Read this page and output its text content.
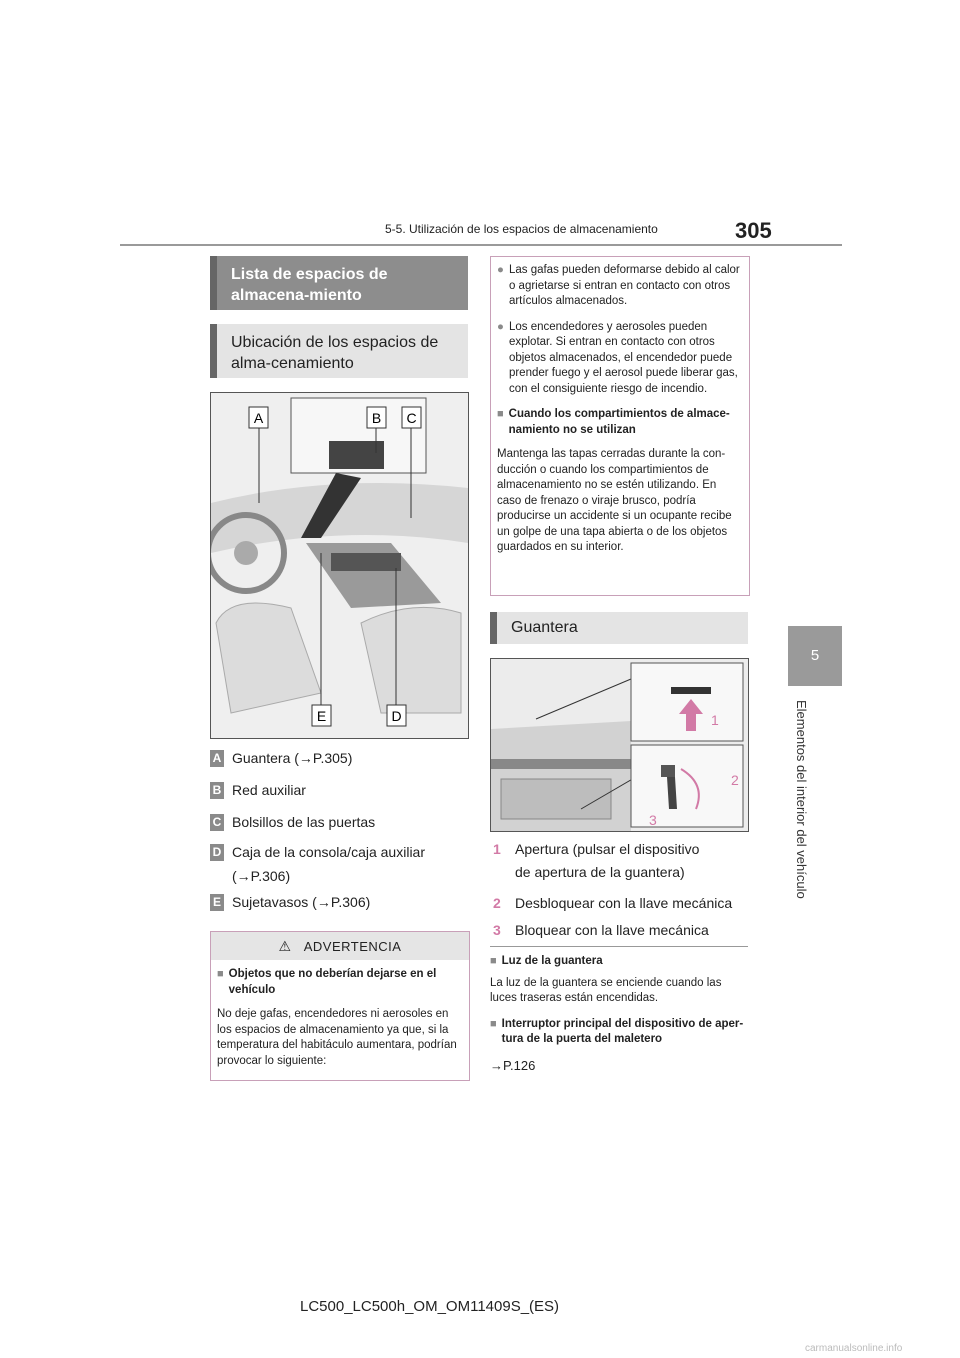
5-5. Utilización de los espacios de almacenamiento	305
5
Elementos del interior del vehículo
Lista de espacios de almacena-miento
Ubicación de los espacios de alma-cenamiento
A	B C
E	D
A Guantera (→P.305)
B Red auxiliar
C Bolsillos de las puertas
D Caja de la consola/caja auxiliar (→P.306)
E Sujetavasos (→P.306)
⚠ ADVERTENCIA
■ Objetos que no deberían dejarse en el vehículo
No deje gafas, encendedores ni aerosoles en los espacios de almacenamiento ya que, si la temperatura del habitáculo aumentara, podrían provocar lo siguiente:
● Las gafas pueden deformarse debido al calor o agrietarse si entran en contacto con otros artículos almacenados.
● Los encendedores y aerosoles pueden explotar. Si entran en contacto con otros objetos almacenados, el encendedor puede prender fuego y el aerosol puede liberar gas, con el consiguiente riesgo de incendio.
■ Cuando los compartimientos de almace-namiento no se utilizan
Mantenga las tapas cerradas durante la con-ducción o cuando los compartimientos de almacenamiento no se estén utilizando. En caso de frenazo o viraje brusco, podría producirse un accidente si un ocupante recibe un golpe de una tapa abierta o de los objetos guardados en su interior.
Guantera
1
2
3
1	Apertura (pulsar el dispositivo de apertura de la guantera)
2	Desbloquear con la llave mecánica
3	Bloquear con la llave mecánica
■ Luz de la guantera
La luz de la guantera se enciende cuando las luces traseras están encendidas.
■ Interruptor principal del dispositivo de aper-tura de la puerta del maletero
→P.126
LC500_LC500h_OM_OM11409S_(ES)
carmanualsonline.info
